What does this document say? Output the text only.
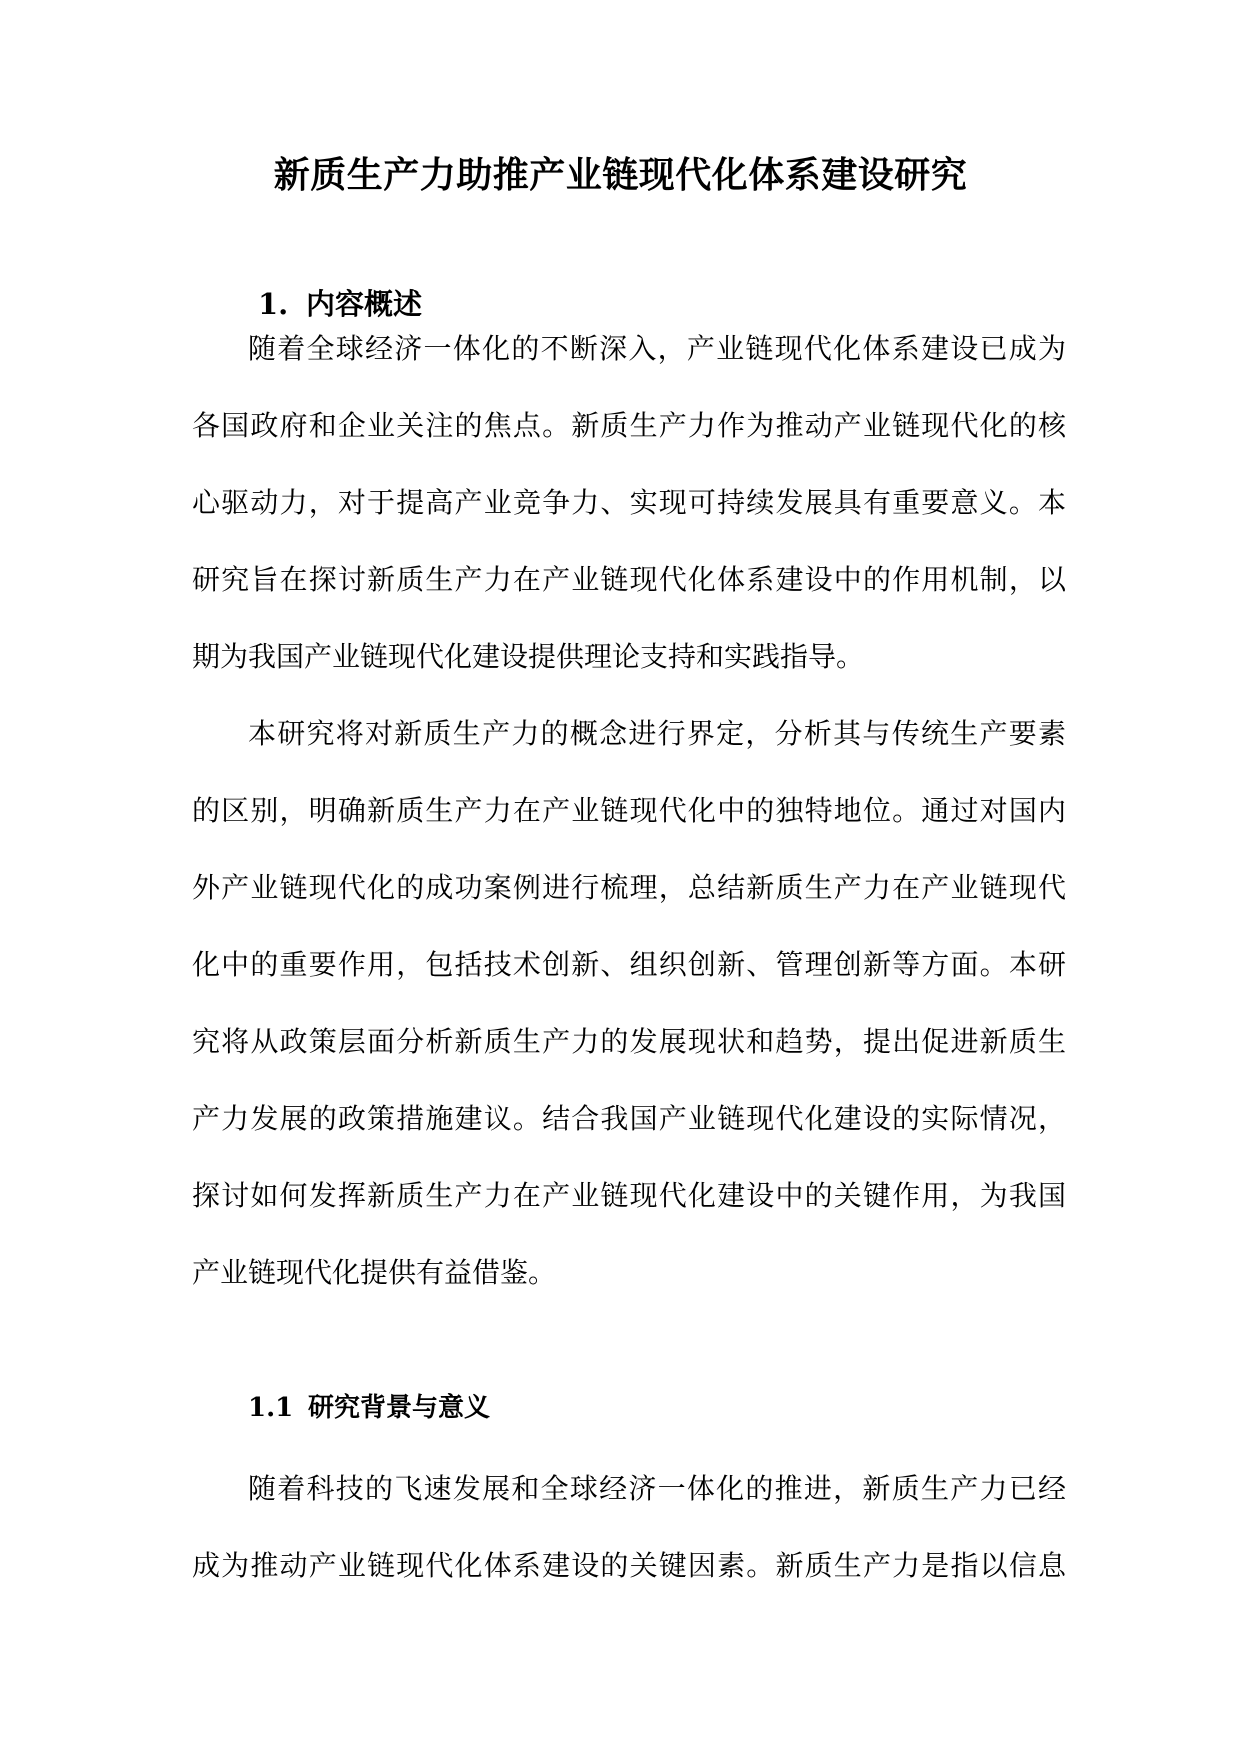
新质生产力助推产业链现代化体系建设研究
1. 内容概述
随着全球经济一体化的不断深入，产业链现代化体系建设已成为
各国政府和企业关注的焦点。新质生产力作为推动产业链现代化的核
心驱动力，对于提高产业竞争力、实现可持续发展具有重要意义。本
研究旨在探讨新质生产力在产业链现代化体系建设中的作用机制，以
期为我国产业链现代化建设提供理论支持和实践指导。
本研究将对新质生产力的概念进行界定，分析其与传统生产要素
的区别，明确新质生产力在产业链现代化中的独特地位。通过对国内
外产业链现代化的成功案例进行梳理，总结新质生产力在产业链现代
化中的重要作用，包括技术创新、组织创新、管理创新等方面。本研
究将从政策层面分析新质生产力的发展现状和趋势，提出促进新质生
产力发展的政策措施建议。结合我国产业链现代化建设的实际情况，
探讨如何发挥新质生产力在产业链现代化建设中的关键作用，为我国
产业链现代化提供有益借鉴。
1.1 研究背景与意义
随着科技的飞速发展和全球经济一体化的推进，新质生产力已经
成为推动产业链现代化体系建设的关键因素。新质生产力是指以信息
